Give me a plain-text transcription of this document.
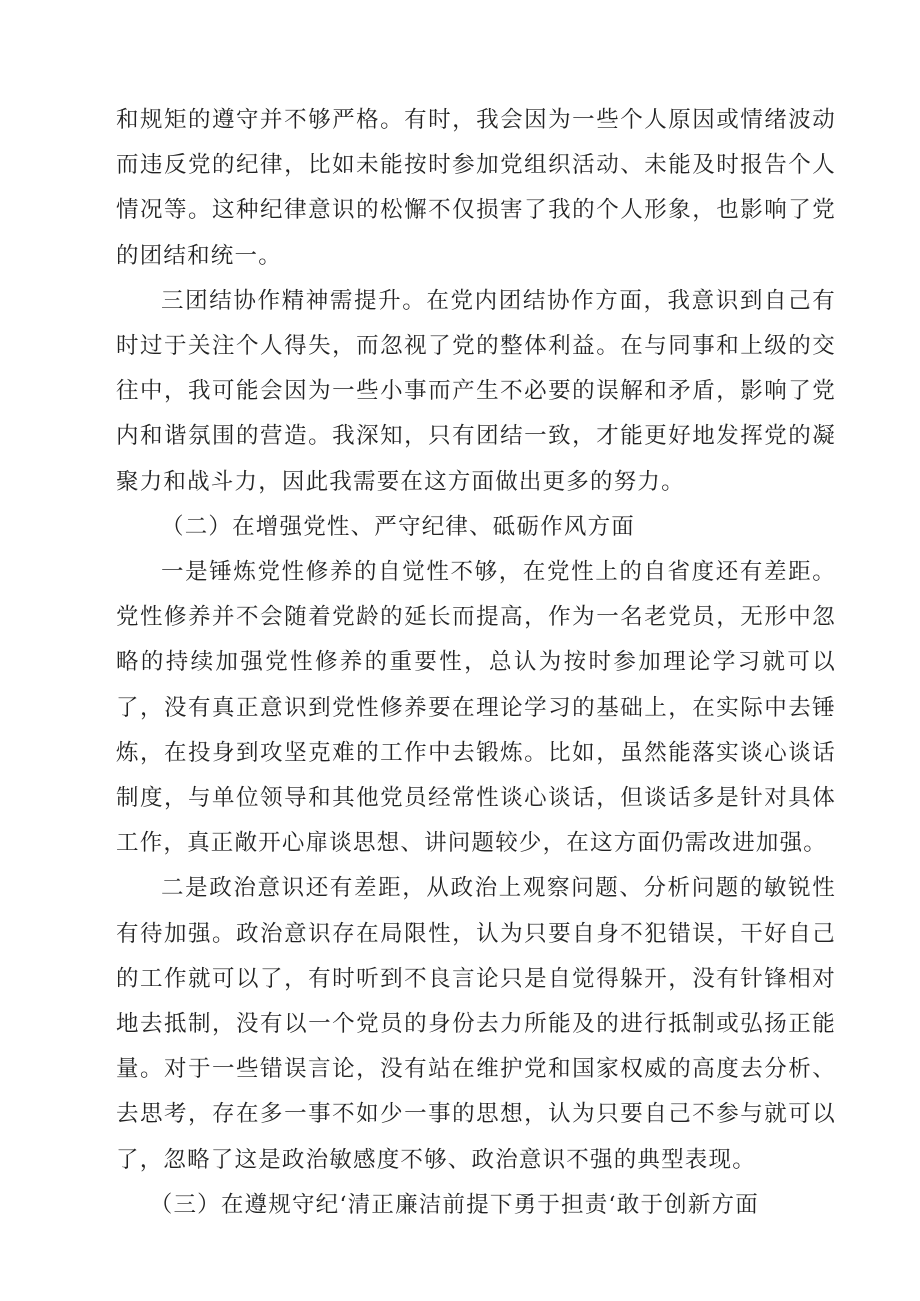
和规矩的遵守并不够严格。有时，我会因为一些个人原因或情绪波动而违反党的纪律，比如未能按时参加党组织活动、未能及时报告个人情况等。这种纪律意识的松懈不仅损害了我的个人形象，也影响了党的团结和统一。

三团结协作精神需提升。在党内团结协作方面，我意识到自己有时过于关注个人得失，而忽视了党的整体利益。在与同事和上级的交往中，我可能会因为一些小事而产生不必要的误解和矛盾，影响了党内和谐氛围的营造。我深知，只有团结一致，才能更好地发挥党的凝聚力和战斗力，因此我需要在这方面做出更多的努力。

（二）在增强党性、严守纪律、砥砺作风方面

一是锤炼党性修养的自觉性不够，在党性上的自省度还有差距。党性修养并不会随着党龄的延长而提高，作为一名老党员，无形中忽略的持续加强党性修养的重要性，总认为按时参加理论学习就可以了，没有真正意识到党性修养要在理论学习的基础上，在实际中去锤炼，在投身到攻坚克难的工作中去锻炼。比如，虽然能落实谈心谈话制度，与单位领导和其他党员经常性谈心谈话，但谈话多是针对具体工作，真正敞开心扉谈思想、讲问题较少，在这方面仍需改进加强。

二是政治意识还有差距，从政治上观察问题、分析问题的敏锐性有待加强。政治意识存在局限性，认为只要自身不犯错误，干好自己的工作就可以了，有时听到不良言论只是自觉得躲开，没有针锋相对地去抵制，没有以一个党员的身份去力所能及的进行抵制或弘扬正能量。对于一些错误言论，没有站在维护党和国家权威的高度去分析、去思考，存在多一事不如少一事的思想，认为只要自己不参与就可以了，忽略了这是政治敏感度不够、政治意识不强的典型表现。

（三）在遵规守纪‘清正廉洁前提下勇于担责‘敢于创新方面
